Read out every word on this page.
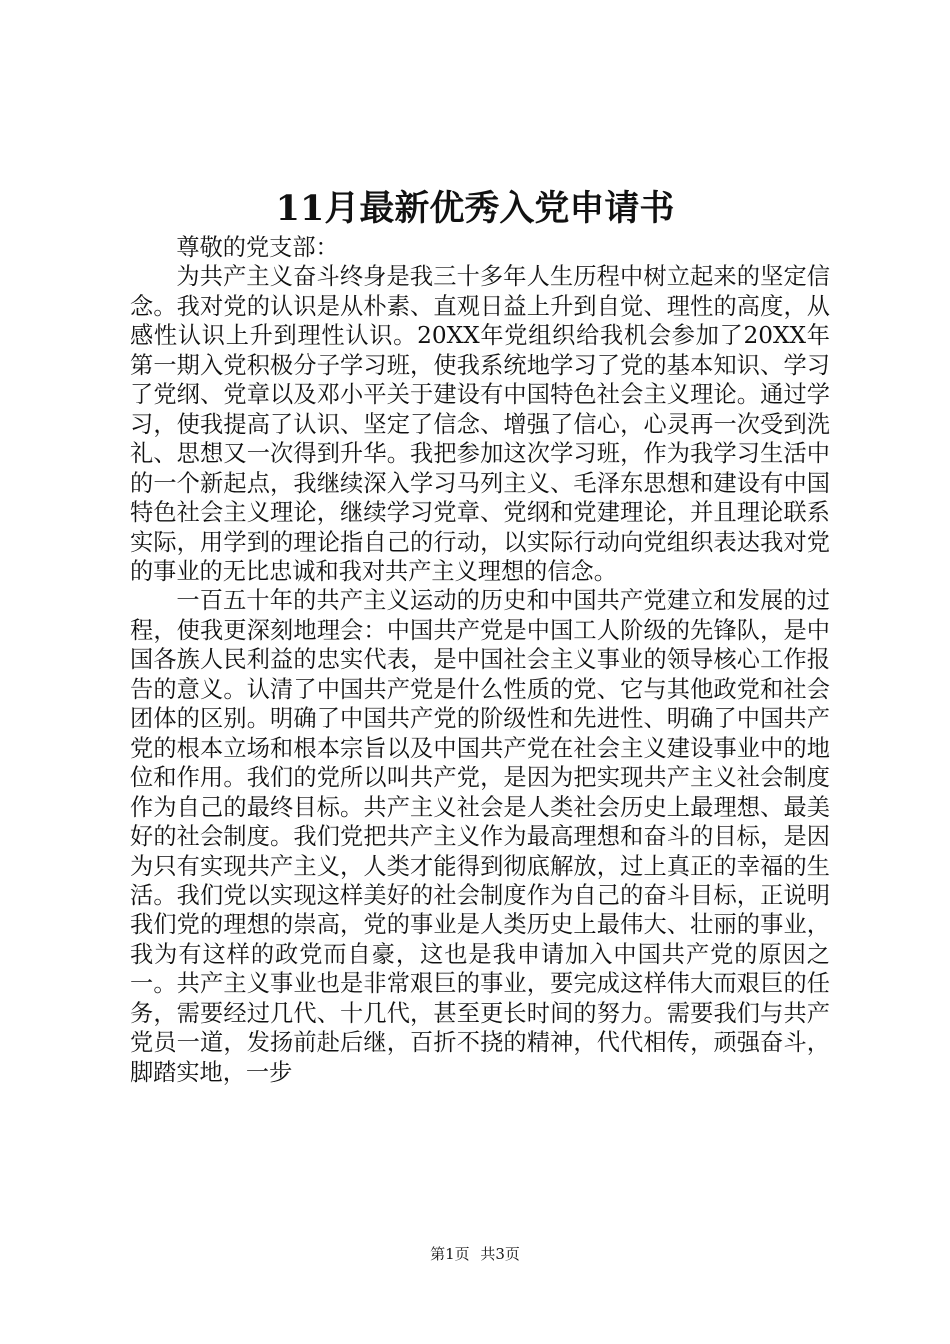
11月最新优秀入党申请书

尊敬的党支部：

为共产主义奋斗终身是我三十多年人生历程中树立起来的坚定信念。我对党的认识是从朴素、直观日益上升到自觉、理性的高度，从感性认识上升到理性认识。20XX年党组织给我机会参加了20XX年第一期入党积极分子学习班，使我系统地学习了党的基本知识、学习了党纲、党章以及邓小平关于建设有中国特色社会主义理论。通过学习，使我提高了认识、坚定了信念、增强了信心，心灵再一次受到洗礼、思想又一次得到升华。我把参加这次学习班，作为我学习生活中的一个新起点，我继续深入学习马列主义、毛泽东思想和建设有中国特色社会主义理论，继续学习党章、党纲和党建理论，并且理论联系实际，用学到的理论指自己的行动，以实际行动向党组织表达我对党的事业的无比忠诚和我对共产主义理想的信念。

一百五十年的共产主义运动的历史和中国共产党建立和发展的过程，使我更深刻地理会：中国共产党是中国工人阶级的先锋队，是中国各族人民利益的忠实代表，是中国社会主义事业的领导核心工作报告的意义。认清了中国共产党是什么性质的党、它与其他政党和社会团体的区别。明确了中国共产党的阶级性和先进性、明确了中国共产党的根本立场和根本宗旨以及中国共产党在社会主义建设事业中的地位和作用。我们的党所以叫共产党，是因为把实现共产主义社会制度作为自己的最终目标。共产主义社会是人类社会历史上最理想、最美好的社会制度。我们党把共产主义作为最高理想和奋斗的目标，是因为只有实现共产主义，人类才能得到彻底解放，过上真正的幸福的生活。我们党以实现这样美好的社会制度作为自己的奋斗目标，正说明我们党的理想的崇高，党的事业是人类历史上最伟大、壮丽的事业，我为有这样的政党而自豪，这也是我申请加入中国共产党的原因之一。共产主义事业也是非常艰巨的事业，要完成这样伟大而艰巨的任务，需要经过几代、十几代，甚至更长时间的努力。需要我们与共产党员一道，发扬前赴后继，百折不挠的精神，代代相传，顽强奋斗，脚踏实地，一步

第1页 共3页
